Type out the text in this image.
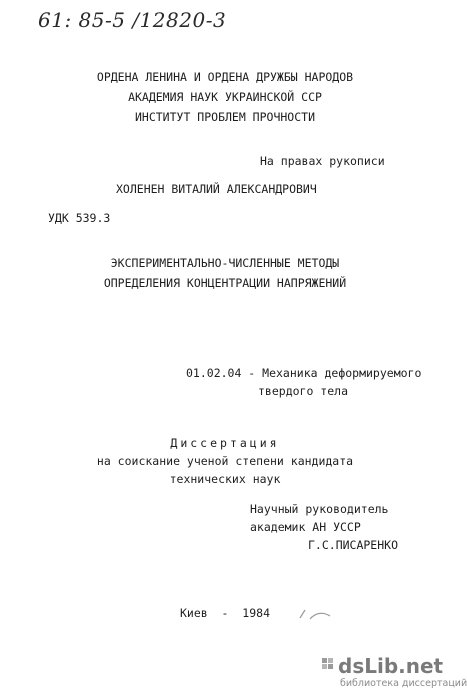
61: 85-5 /12820-3
ОРДЕНА ЛЕНИНА И ОРДЕНА ДРУЖБЫ НАРОДОВ
АКАДЕМИЯ НАУК УКРАИНСКОЙ ССР
ИНСТИТУТ ПРОБЛЕМ ПРОЧНОСТИ
На правах рукописи
ХОЛЕНЕН ВИТАЛИЙ АЛЕКСАНДРОВИЧ
УДК 539.3
ЭКСПЕРИМЕНТАЛЬНО-ЧИСЛЕННЫЕ МЕТОДЫ
ОПРЕДЕЛЕНИЯ КОНЦЕНТРАЦИИ НАПРЯЖЕНИЙ
01.02.04 - Механика деформируемого
твердого тела
Диссертация
на соискание ученой степени кандидата
технических наук
Научный руководитель
академик АН УССР
Г.С.ПИСАРЕНКО
Киев  -  1984
dsLib.net
библиотека диссертаций
